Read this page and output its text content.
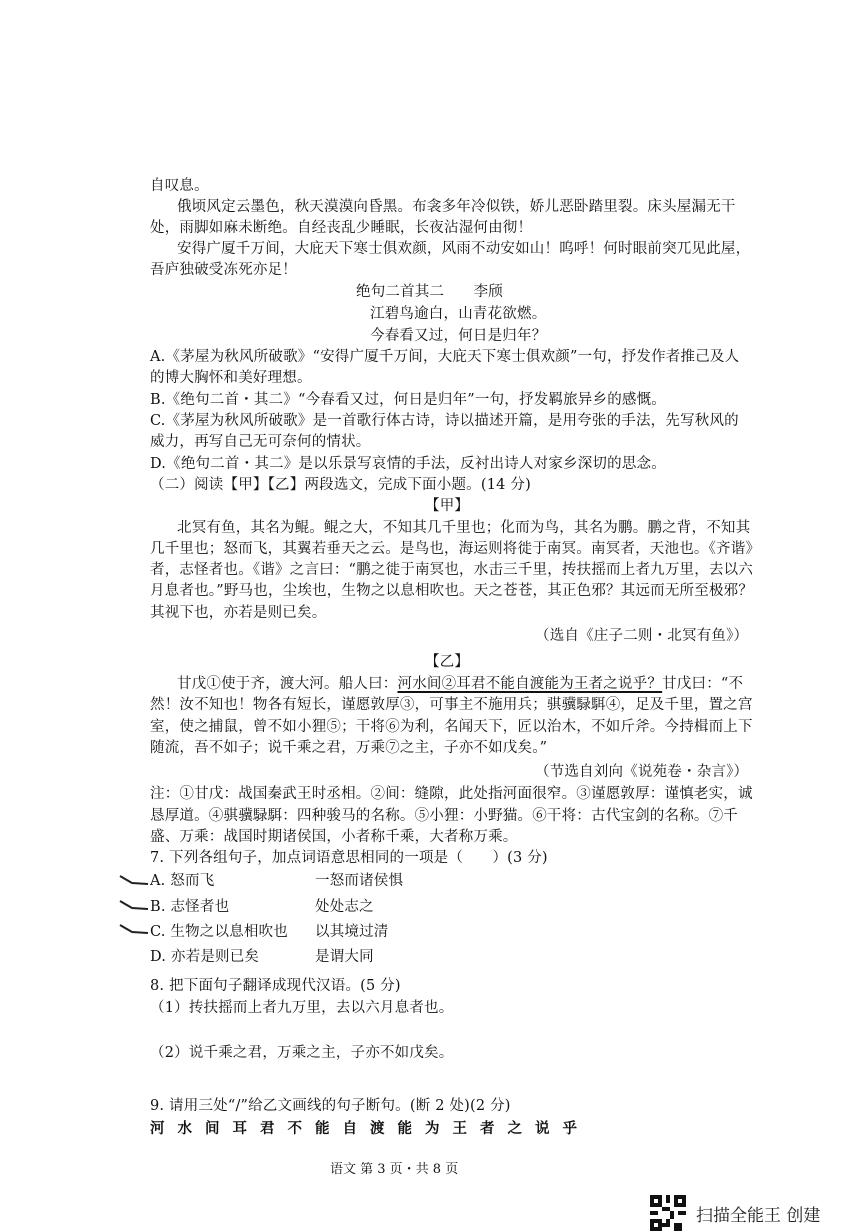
自叹息。
俄顷风定云墨色，秋天漠漠向昏黑。布衾多年冷似铁，娇儿恶卧踏里裂。床头屋漏无干
处，雨脚如麻未断绝。自经丧乱少睡眠，长夜沾湿何由彻！
安得广厦千万间，大庇天下寒士俱欢颜，风雨不动安如山！呜呼！何时眼前突兀见此屋，
吾庐独破受冻死亦足！
绝句二首其二　　李颀
江碧鸟逾白，山青花欲燃。
今春看又过，何日是归年？
A.《茅屋为秋风所破歌》“安得广厦千万间，大庇天下寒士俱欢颜”一句，抒发作者推己及人
的博大胸怀和美好理想。
B.《绝句二首・其二》“今春看又过，何日是归年”一句，抒发羁旅异乡的感慨。
C.《茅屋为秋风所破歌》是一首歌行体古诗，诗以描述开篇，是用夸张的手法，先写秋风的
威力，再写自己无可奈何的情状。
D.《绝句二首・其二》是以乐景写哀情的手法，反衬出诗人对家乡深切的思念。
（二）阅读【甲】【乙】两段选文，完成下面小题。(14 分)
【甲】
北冥有鱼，其名为鲲。鲲之大，不知其几千里也；化而为鸟，其名为鹏。鹏之背，不知其
几千里也；怒而飞，其翼若垂天之云。是鸟也，海运则将徙于南冥。南冥者，天池也。《齐谐》
者，志怪者也。《谐》之言曰：“鹏之徙于南冥也，水击三千里，抟扶摇而上者九万里，去以六
月息者也。”野马也，尘埃也，生物之以息相吹也。天之苍苍，其正色邪？其远而无所至极邪？
其视下也，亦若是则已矣。
（选自《庄子二则・北冥有鱼》）
【乙】
甘戊①使于齐，渡大河。船人曰：河水间②耳君不能自渡能为王者之说乎？甘戊曰：“不
然！汝不知也！物各有短长，谨愿敦厚③，可事主不施用兵；骐骥騄駬④，足及千里，置之宫
室，使之捕鼠，曾不如小狸⑤；干将⑥为利，名闻天下，匠以治木，不如斤斧。今持楫而上下
随流，吾不如子；说千乘之君，万乘⑦之主，子亦不如戊矣。”
（节选自刘向《说苑卷・杂言》）
注：①甘戊：战国秦武王时丞相。②间：缝隙，此处指河面很窄。③谨愿敦厚：谨慎老实，诚
恳厚道。④骐骥騄駬：四种骏马的名称。⑤小狸：小野猫。⑥干将：古代宝剑的名称。⑦千
盛、万乘：战国时期诸侯国，小者称千乘，大者称万乘。
7. 下列各组句子，加点词语意思相同的一项是（　　）(3 分)
A. 怒而飞	一怒而诸侯惧
B. 志怪者也	处处志之
C. 生物之以息相吹也 以其境过清
D. 亦若是则已矣	是谓大同
8. 把下面句子翻译成现代汉语。(5 分)
（1）抟扶摇而上者九万里，去以六月息者也。
（2）说千乘之君，万乘之主，子亦不如戊矣。
9. 请用三处“/”给乙文画线的句子断句。(断 2 处)(2 分)
河水间耳君不能自渡能为王者之说乎
语文 第 3 页・共 8 页
扫描全能王 创建
